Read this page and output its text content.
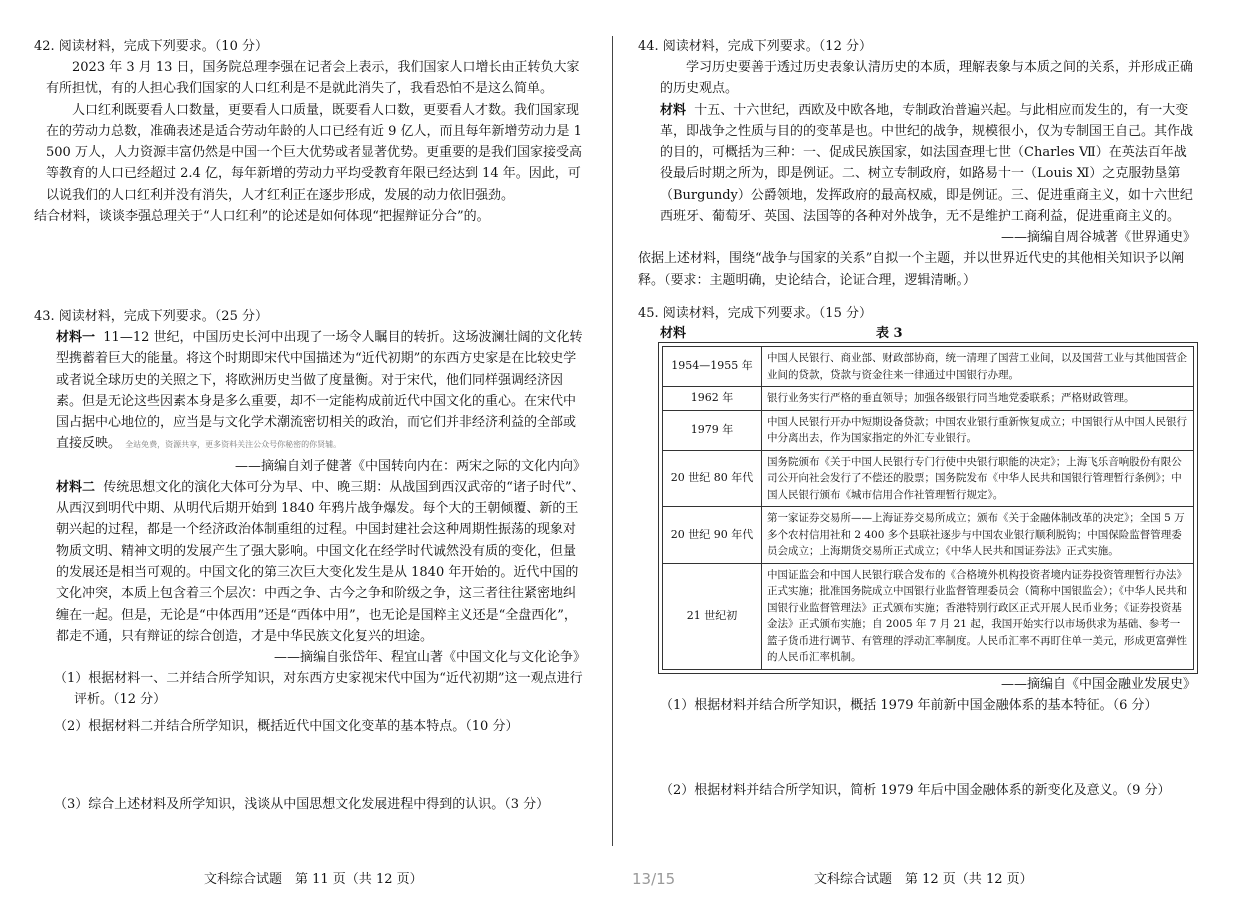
42. 阅读材料，完成下列要求。（10 分）

2023 年 3 月 13 日，国务院总理李强在记者会上表示，我们国家人口增长由正转负大家有所担忧，有的人担心我们国家的人口红利是不是就此消失了，我看恐怕不是这么简单。

人口红利既要看人口数量，更要看人口质量，既要看人口数，更要看人才数。我们国家现在的劳动力总数，准确表述是适合劳动年龄的人口已经有近 9 亿人，而且每年新增劳动力是 1 500 万人，人力资源丰富仍然是中国一个巨大优势或者显著优势。更重要的是我们国家接受高等教育的人口已经超过 2.4 亿，每年新增的劳动力平均受教育年限已经达到 14 年。因此，可以说我们的人口红利并没有消失，人才红利正在逐步形成，发展的动力依旧强劲。

结合材料，谈谈李强总理关于“人口红利”的论述是如何体现“把握辩证分合”的。

43. 阅读材料，完成下列要求。（25 分）

材料一 11—12 世纪，中国历史长河中出现了一场令人瞩目的转折。这场波澜壮阔的文化转型携蓄着巨大的能量。将这个时期即宋代中国描述为“近代初期”的东西方史家是在比较史学或者说全球历史的关照之下，将欧洲历史当做了度量衡。对于宋代，他们同样强调经济因素。但是无论这些因素本身是多么重要，却不一定能构成前近代中国文化的重心。在宋代中国占据中心地位的，应当是与文化学术潮流密切相关的政治，而它们并非经济利益的全部或直接反映。 全站免费，资源共享，更多资料关注公众号你秘密的你贤辅。

——摘编自刘子健著《中国转向内在：两宋之际的文化内向》

材料二 传统思想文化的演化大体可分为早、中、晚三期：从战国到西汉武帝的“诸子时代”、从西汉到明代中期、从明代后期开始到 1840 年鸦片战争爆发。每个大的王朝倾覆、新的王朝兴起的过程，都是一个经济政治体制重组的过程。中国封建社会这种周期性振荡的现象对物质文明、精神文明的发展产生了强大影响。中国文化在经学时代诚然没有质的变化，但量的发展还是相当可观的。中国文化的第三次巨大变化发生是从 1840 年开始的。近代中国的文化冲突，本质上包含着三个层次：中西之争、古今之争和阶级之争，这三者往往紧密地纠缠在一起。但是，无论是“中体西用”还是“西体中用”，也无论是国粹主义还是“全盘西化”，都走不通，只有辩证的综合创造，才是中华民族文化复兴的坦途。

——摘编自张岱年、程宜山著《中国文化与文化论争》

（1）根据材料一、二并结合所学知识，对东西方史家视宋代中国为“近代初期”这一观点进行评析。（12 分）

（2）根据材料二并结合所学知识，概括近代中国文化变革的基本特点。（10 分）

（3）综合上述材料及所学知识，浅谈从中国思想文化发展进程中得到的认识。（3 分）

文科综合试题　第 11 页（共 12 页）	13/15

44. 阅读材料，完成下列要求。（12 分）

学习历史要善于透过历史表象认清历史的本质，理解表象与本质之间的关系，并形成正确的历史观点。

材料 十五、十六世纪，西欧及中欧各地，专制政治普遍兴起。与此相应而发生的，有一大变革，即战争之性质与目的的变革是也。中世纪的战争，规模很小，仅为专制国王自己。其作战的目的，可概括为三种：一、促成民族国家，如法国查理七世（Charles Ⅶ）在英法百年战役最后时期之所为，即是例证。二、树立专制政府，如路易十一（Louis Ⅺ）之克服勃垦第（Burgundy）公爵领地，发挥政府的最高权威，即是例证。三、促进重商主义，如十六世纪西班牙、葡萄牙、英国、法国等的各种对外战争，无不是维护工商利益，促进重商主义的。

——摘编自周谷城著《世界通史》

依据上述材料，围绕“战争与国家的关系”自拟一个主题，并以世界近代史的其他相关知识予以阐释。（要求：主题明确，史论结合，论证合理，逻辑清晰。）

45. 阅读材料，完成下列要求。（15 分）

材料	表 3
1954—1955 年	中国人民银行、商业部、财政部协商，统一清理了国营工业间，以及国营工业与其他国营企业间的贷款，贷款与资金往来一律通过中国银行办理。
1962 年	银行业务实行严格的垂直领导；加强各级银行同当地党委联系；严格财政管理。
1979 年	中国人民银行开办中短期设备贷款；中国农业银行重新恢复成立；中国银行从中国人民银行中分离出去，作为国家指定的外汇专业银行。
20 世纪 80 年代	国务院颁布《关于中国人民银行专门行使中央银行职能的决定》；上海飞乐音响股份有限公司公开向社会发行了不偿还的股票；国务院发布《中华人民共和国银行管理暂行条例》；中国人民银行颁布《城市信用合作社管理暂行规定》。
20 世纪 90 年代	第一家证券交易所——上海证券交易所成立；颁布《关于金融体制改革的决定》；全国 5 万多个农村信用社和 2 400 多个县联社逐步与中国农业银行顺利脱钩；中国保险监督管理委员会成立；上海期货交易所正式成立；《中华人民共和国证券法》正式实施。
21 世纪初	中国证监会和中国人民银行联合发布的《合格境外机构投资者境内证券投资管理暂行办法》正式实施；批准国务院成立中国银行业监督管理委员会（简称中国银监会）；《中华人民共和国银行业监督管理法》正式颁布实施；香港特别行政区正式开展人民币业务；《证券投资基金法》正式颁布实施；自 2005 年 7 月 21 起，我国开始实行以市场供求为基础、参考一篮子货币进行调节、有管理的浮动汇率制度。人民币汇率不再盯住单一美元，形成更富弹性的人民币汇率机制。

——摘编自《中国金融业发展史》

（1）根据材料并结合所学知识，概括 1979 年前新中国金融体系的基本特征。（6 分）

（2）根据材料并结合所学知识，简析 1979 年后中国金融体系的新变化及意义。（9 分）

文科综合试题　第 12 页（共 12 页）
